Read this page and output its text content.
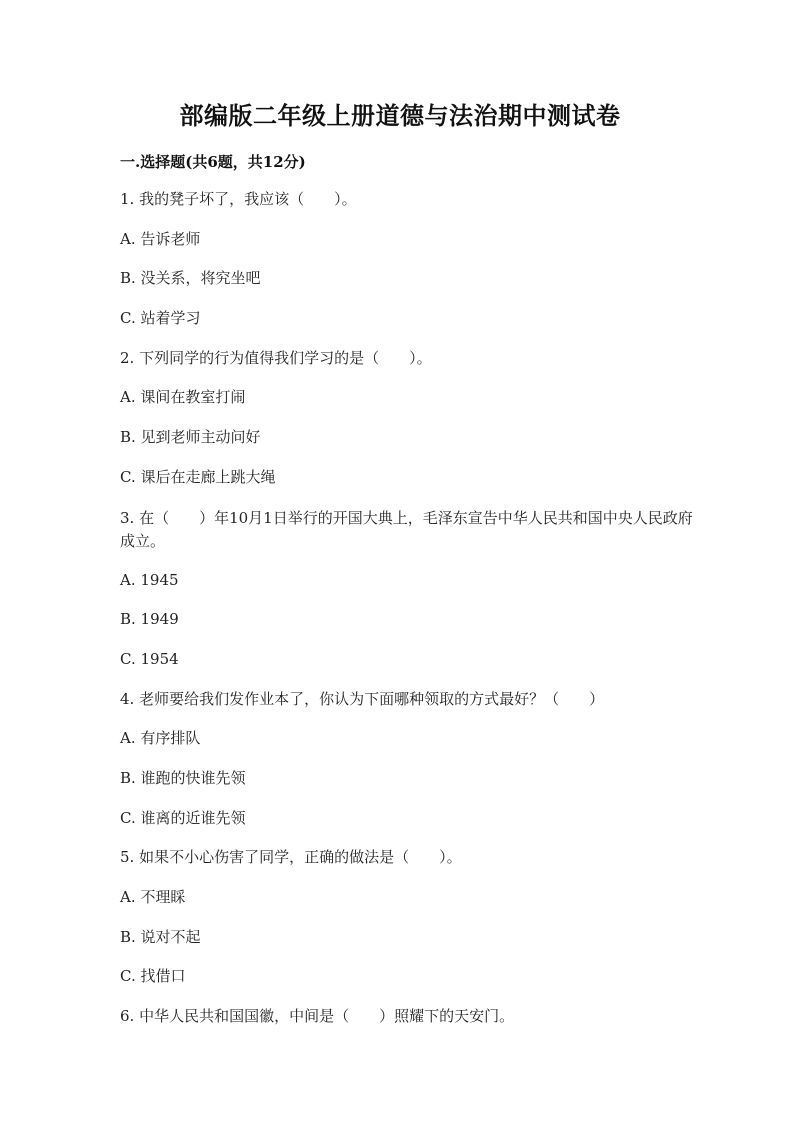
部编版二年级上册道德与法治期中测试卷
一.选择题(共6题，共12分)
1. 我的凳子坏了，我应该（　　）。
A. 告诉老师
B. 没关系，将究坐吧
C. 站着学习
2. 下列同学的行为值得我们学习的是（　　）。
A. 课间在教室打闹
B. 见到老师主动问好
C. 课后在走廊上跳大绳
3. 在（　　）年10月1日举行的开国大典上，毛泽东宣告中华人民共和国中央人民政府成立。
A. 1945
B. 1949
C. 1954
4. 老师要给我们发作业本了，你认为下面哪种领取的方式最好？（　　）
A. 有序排队
B. 谁跑的快谁先领
C. 谁离的近谁先领
5. 如果不小心伤害了同学，正确的做法是（　　）。
A. 不理睬
B. 说对不起
C. 找借口
6. 中华人民共和国国徽，中间是（　　）照耀下的天安门。
